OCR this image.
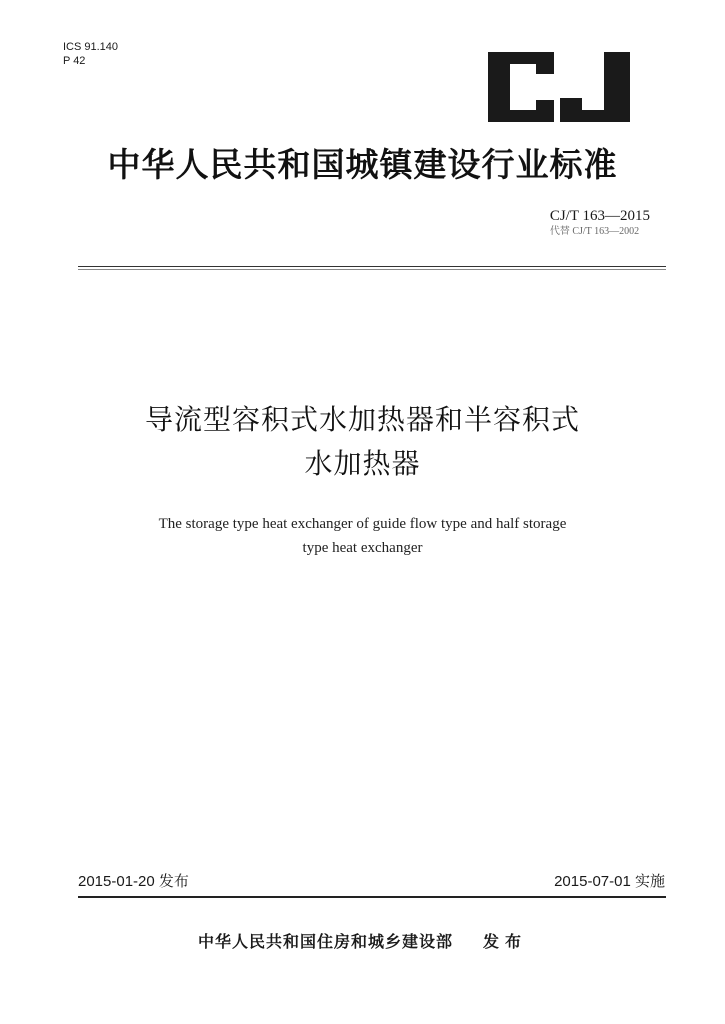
ICS 91.140
P 42
中华人民共和国城镇建设行业标准
CJ/T 163—2015
代替 CJ/T 163—2002
导流型容积式水加热器和半容积式
水加热器
The storage type heat exchanger of guide flow type and half storage
type heat exchanger
2015-01-20 发布	2015-07-01 实施
中华人民共和国住房和城乡建设部 发布
